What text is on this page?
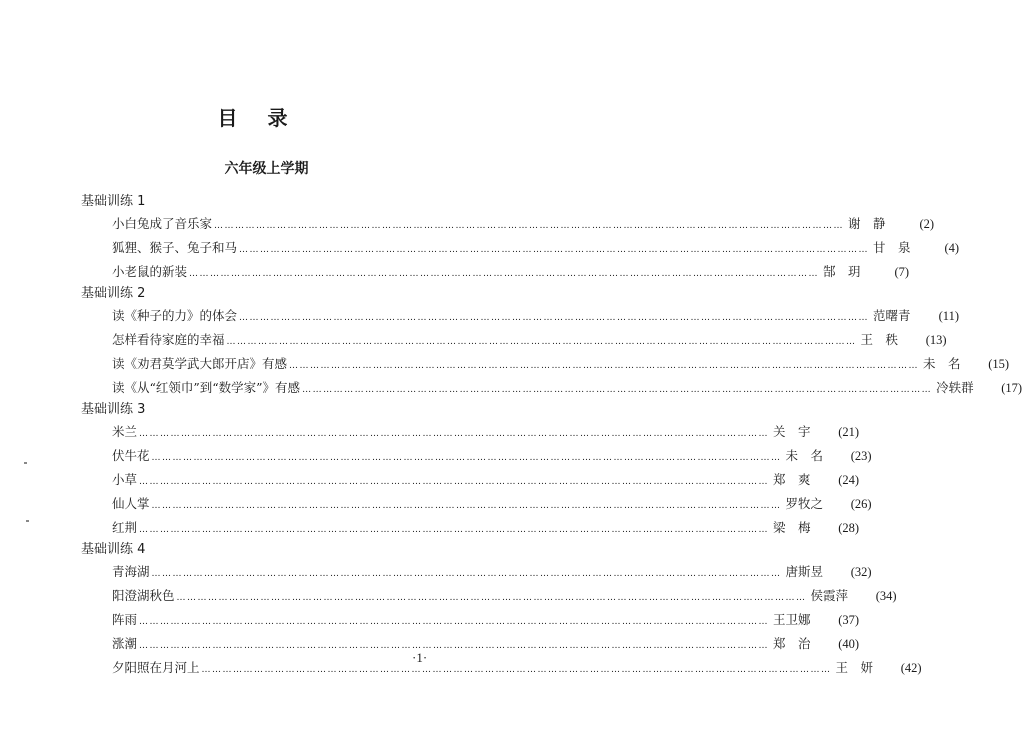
目 录
六年级上学期
基础训练 1
小白兔成了音乐家 ……………………………………………………………………………………………………………………………………………………………… 谢　静	(2)
狐狸、猴子、兔子和马 ……………………………………………………………………………………………………………………………………………………………… 甘　泉	(4)
小老鼠的新装 ……………………………………………………………………………………………………………………………………………………………… 郜　玥	(7)
基础训练 2
读《种子的力》的体会 ……………………………………………………………………………………………………………………………………………………………… 范曙青	(11)
怎样看待家庭的幸福 ……………………………………………………………………………………………………………………………………………………………… 王　秩	(13)
读《劝君莫学武大郎开店》有感 ……………………………………………………………………………………………………………………………………………………………… 未　名	(15)
读《从“红领巾”到“数学家”》有感 ……………………………………………………………………………………………………………………………………………………………… 冷轶群	(17)
基础训练 3
米兰 ……………………………………………………………………………………………………………………………………………………………… 关　宇	(21)
伏牛花 ……………………………………………………………………………………………………………………………………………………………… 未　名	(23)
小草 ……………………………………………………………………………………………………………………………………………………………… 郑　爽	(24)
仙人掌 ……………………………………………………………………………………………………………………………………………………………… 罗牧之	(26)
红荆 ……………………………………………………………………………………………………………………………………………………………… 梁　梅	(28)
基础训练 4
青海湖 ……………………………………………………………………………………………………………………………………………………………… 唐斯昱	(32)
阳澄湖秋色 ……………………………………………………………………………………………………………………………………………………………… 侯霞萍	(34)
阵雨 ……………………………………………………………………………………………………………………………………………………………… 王卫娜	(37)
涨潮 ……………………………………………………………………………………………………………………………………………………………… 郑　治	(40)
夕阳照在月河上 ……………………………………………………………………………………………………………………………………………………………… 王　妍	(42)
·1·
